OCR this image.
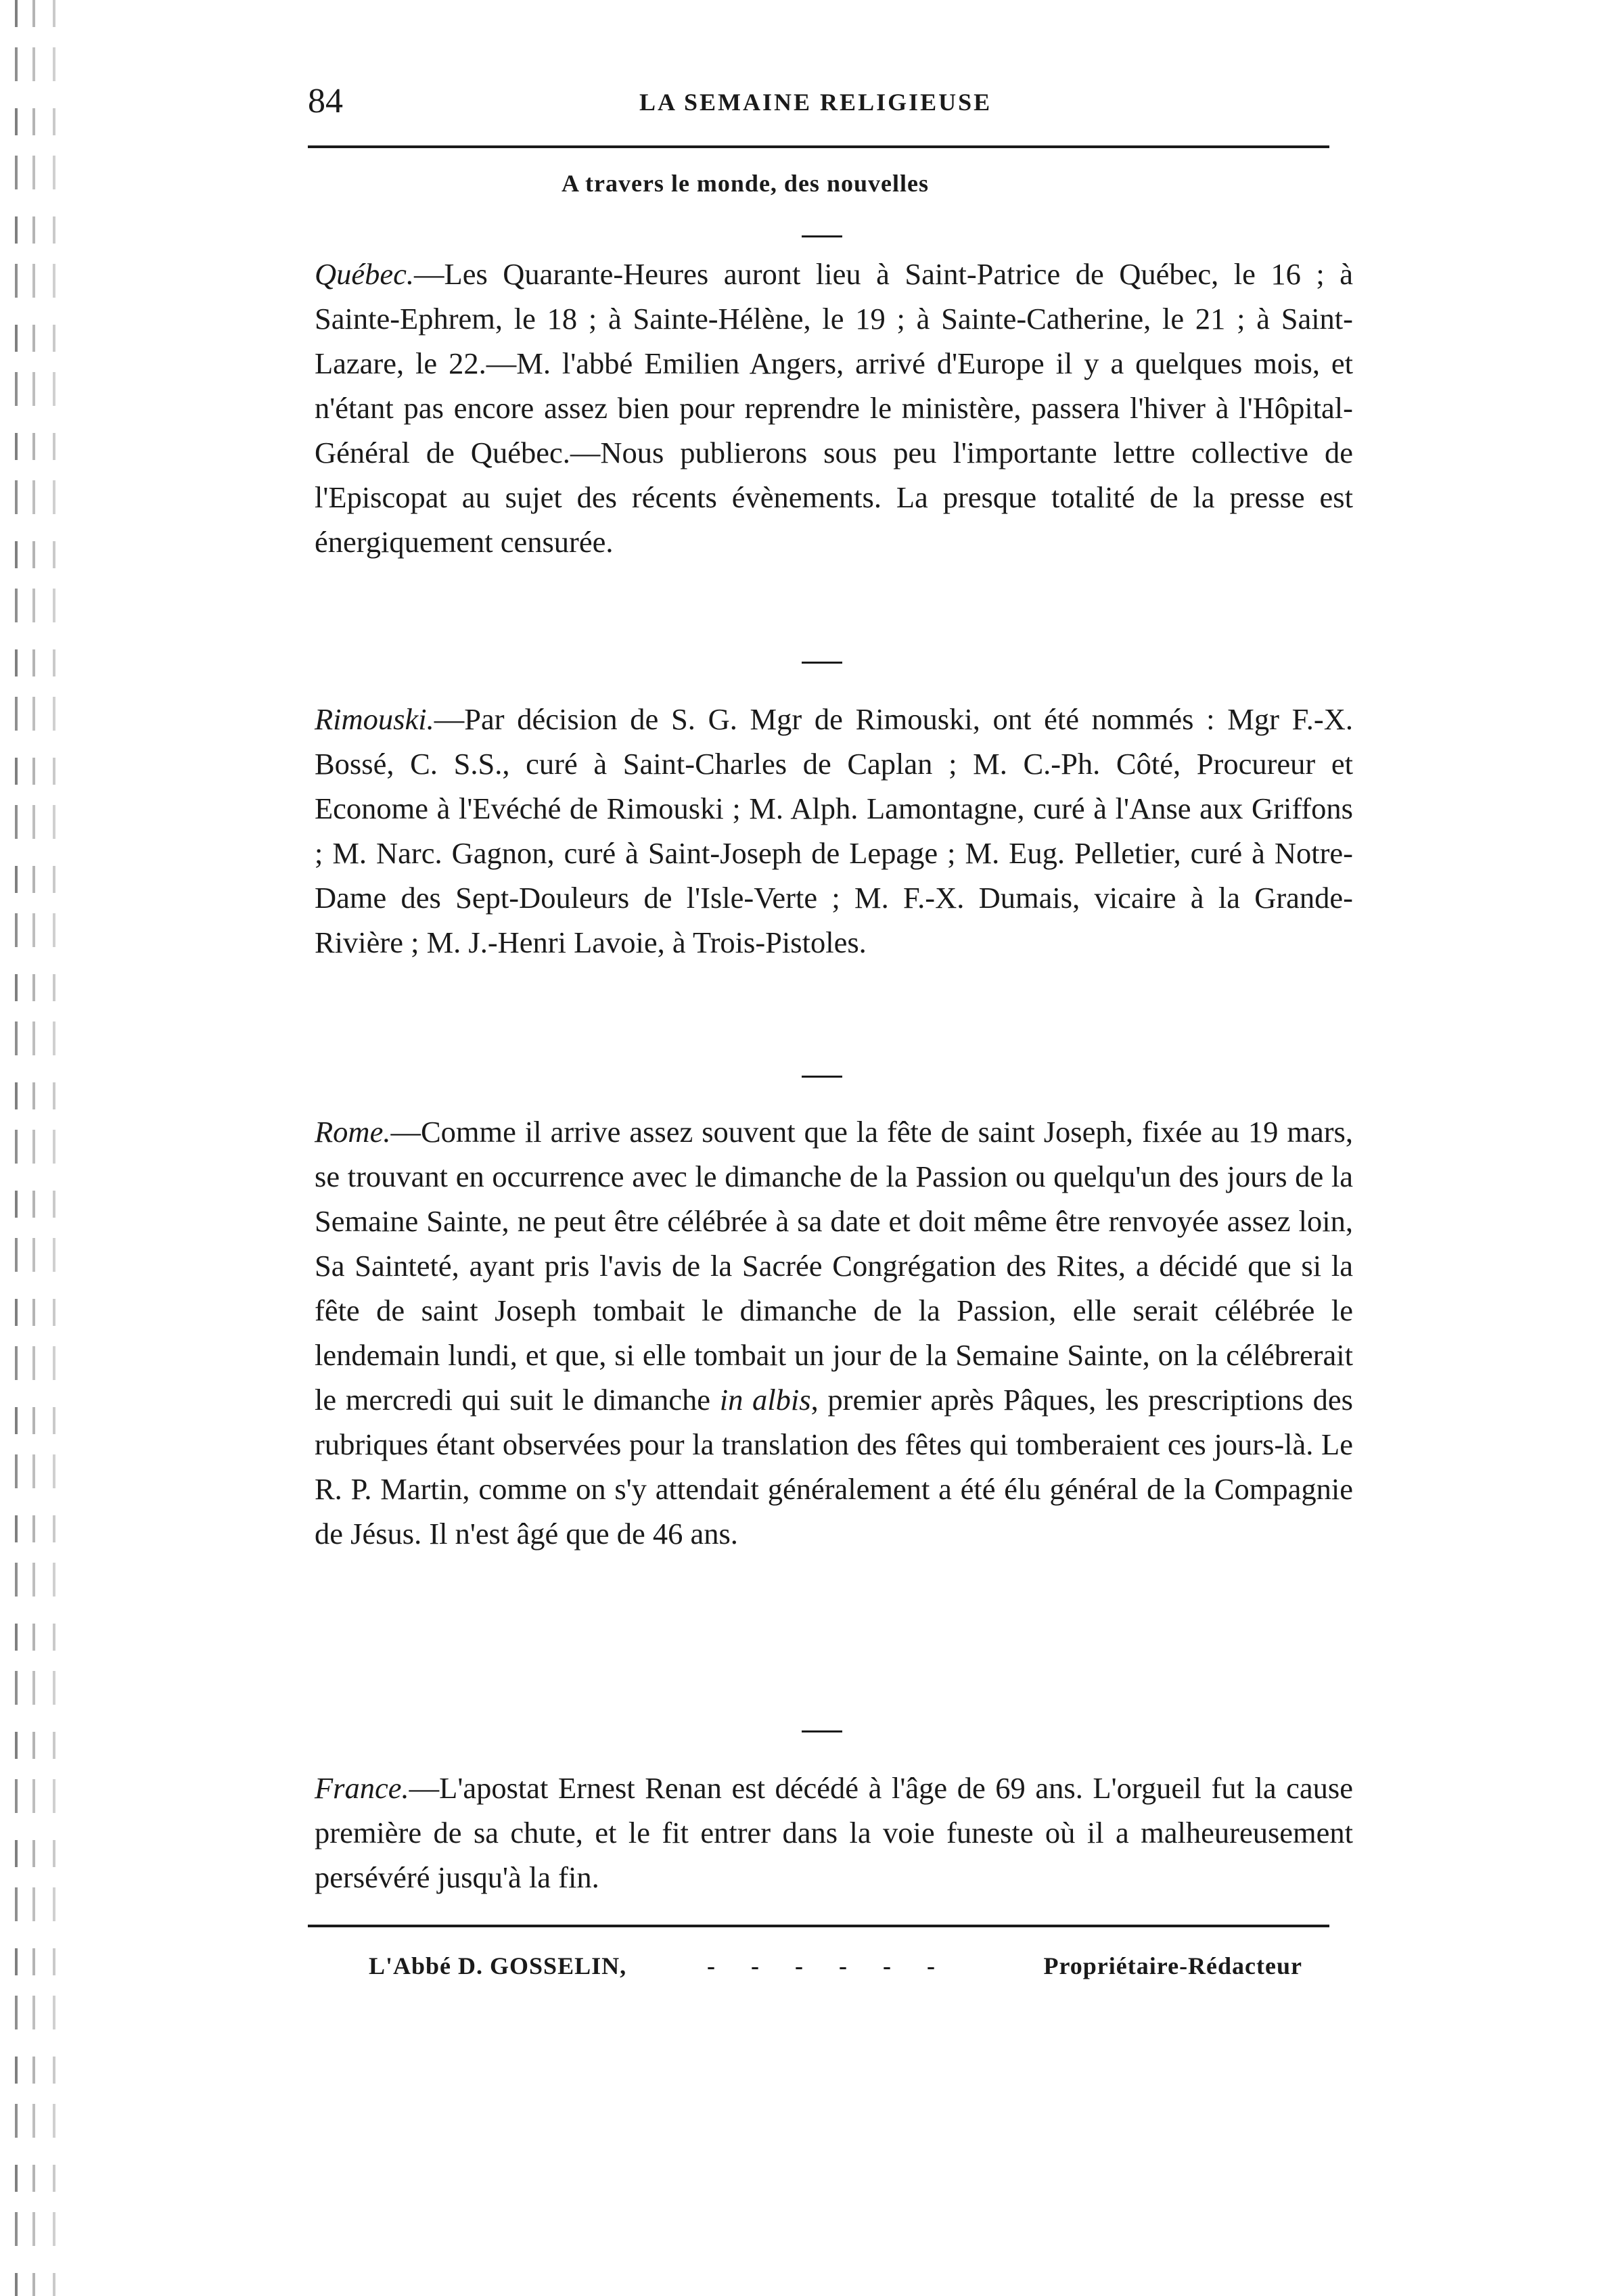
84	LA SEMAINE RELIGIEUSE
A travers le monde, des nouvelles
Québec.—Les Quarante-Heures auront lieu à Saint-Patrice de Québec, le 16 ; à Sainte-Ephrem, le 18 ; à Sainte-Hélène, le 19 ; à Sainte-Catherine, le 21 ; à Saint-Lazare, le 22.—M. l'abbé Emilien Angers, arrivé d'Europe il y a quelques mois, et n'étant pas encore assez bien pour reprendre le ministère, passera l'hiver à l'Hôpital-Général de Québec.—Nous publierons sous peu l'importante lettre collective de l'Episcopat au sujet des récents évènements. La presque totalité de la presse est énergiquement censurée.
Rimouski.—Par décision de S. G. Mgr de Rimouski, ont été nommés : Mgr F.-X. Bossé, C. S.S., curé à Saint-Charles de Caplan ; M. C.-Ph. Côté, Procureur et Econome à l'Evéché de Rimouski ; M. Alph. Lamontagne, curé à l'Anse aux Griffons ; M. Narc. Gagnon, curé à Saint-Joseph de Lepage ; M. Eug. Pelletier, curé à Notre-Dame des Sept-Douleurs de l'Isle-Verte ; M. F.-X. Dumais, vicaire à la Grande-Rivière ; M. J.-Henri Lavoie, à Trois-Pistoles.
Rome.—Comme il arrive assez souvent que la fête de saint Joseph, fixée au 19 mars, se trouvant en occurrence avec le dimanche de la Passion ou quelqu'un des jours de la Semaine Sainte, ne peut être célébrée à sa date et doit même être renvoyée assez loin, Sa Sainteté, ayant pris l'avis de la Sacrée Congrégation des Rites, a décidé que si la fête de saint Joseph tombait le dimanche de la Passion, elle serait célébrée le lendemain lundi, et que, si elle tombait un jour de la Semaine Sainte, on la célébrerait le mercredi qui suit le dimanche in albis, premier après Pâques, les prescriptions des rubriques étant observées pour la translation des fêtes qui tomberaient ces jours-là. Le R. P. Martin, comme on s'y attendait généralement a été élu général de la Compagnie de Jésus. Il n'est âgé que de 46 ans.
France.—L'apostat Ernest Renan est décédé à l'âge de 69 ans. L'orgueil fut la cause première de sa chute, et le fit entrer dans la voie funeste où il a malheureusement persévéré jusqu'à la fin.
L'Abbé D. GOSSELIN,	- - - - - -	Propriétaire-Rédacteur
